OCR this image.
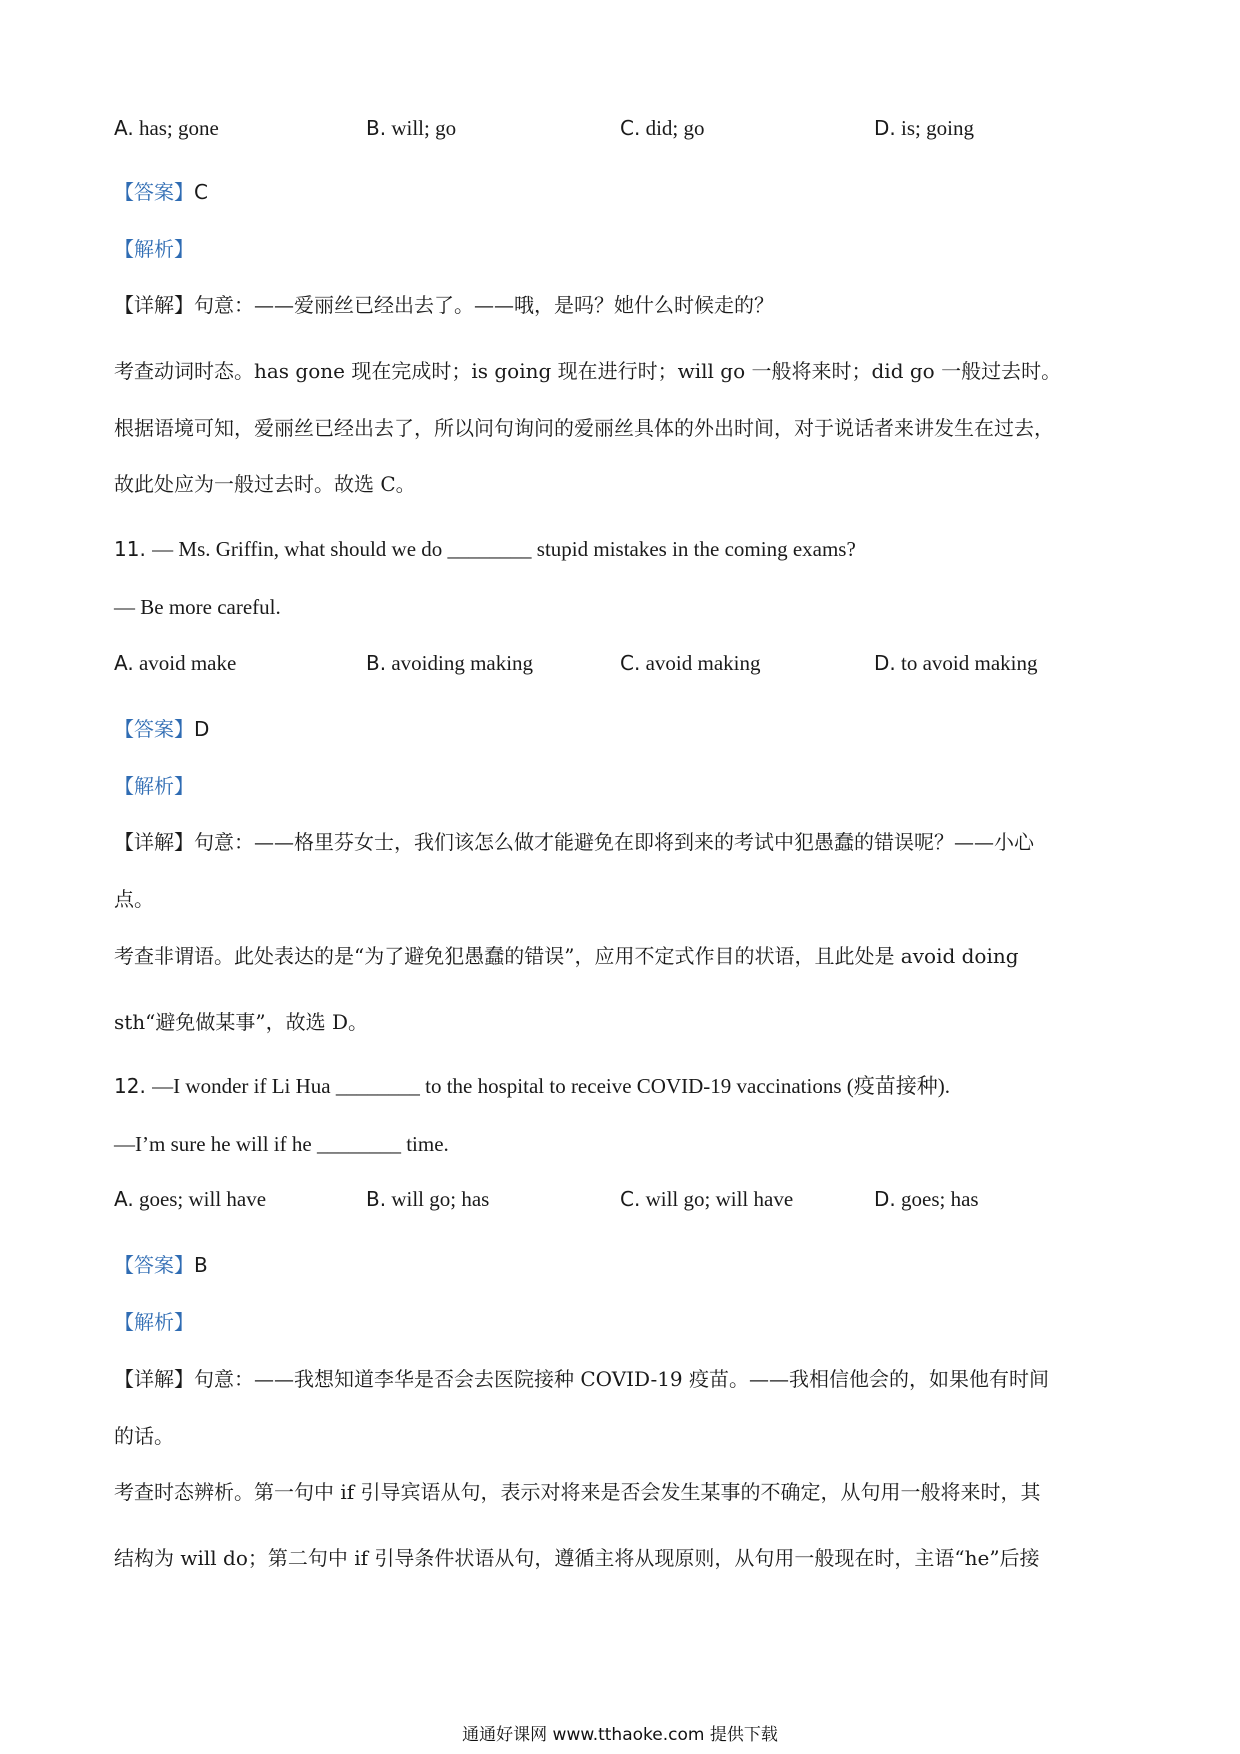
A. has; gone	B. will; go	C. did; go	D. is; going
【答案】C
【解析】
【详解】句意：——爱丽丝已经出去了。——哦，是吗？她什么时候走的？
考查动词时态。has gone 现在完成时；is going 现在进行时；will go 一般将来时；did go 一般过去时。
根据语境可知，爱丽丝已经出去了，所以问句询问的爱丽丝具体的外出时间，对于说话者来讲发生在过去，
故此处应为一般过去时。故选 C。
11. — Ms. Griffin, what should we do ________ stupid mistakes in the coming exams?
— Be more careful.
A. avoid make	B. avoiding making	C. avoid making	D. to avoid making
【答案】D
【解析】
【详解】句意：——格里芬女士，我们该怎么做才能避免在即将到来的考试中犯愚蠢的错误呢？——小心
点。
考查非谓语。此处表达的是“为了避免犯愚蠢的错误”，应用不定式作目的状语，且此处是 avoid doing
sth“避免做某事”，故选 D。
12. —I wonder if Li Hua ________ to the hospital to receive COVID-19 vaccinations (疫苗接种).
—I’m sure he will if he ________ time.
A. goes; will have	B. will go; has	C. will go; will have	D. goes; has
【答案】B
【解析】
【详解】句意：——我想知道李华是否会去医院接种 COVID-19 疫苗。——我相信他会的，如果他有时间
的话。
考查时态辨析。第一句中 if 引导宾语从句，表示对将来是否会发生某事的不确定，从句用一般将来时，其
结构为 will do；第二句中 if 引导条件状语从句，遵循主将从现原则，从句用一般现在时，主语“he”后接
通通好课网 www.tthaoke.com 提供下载
